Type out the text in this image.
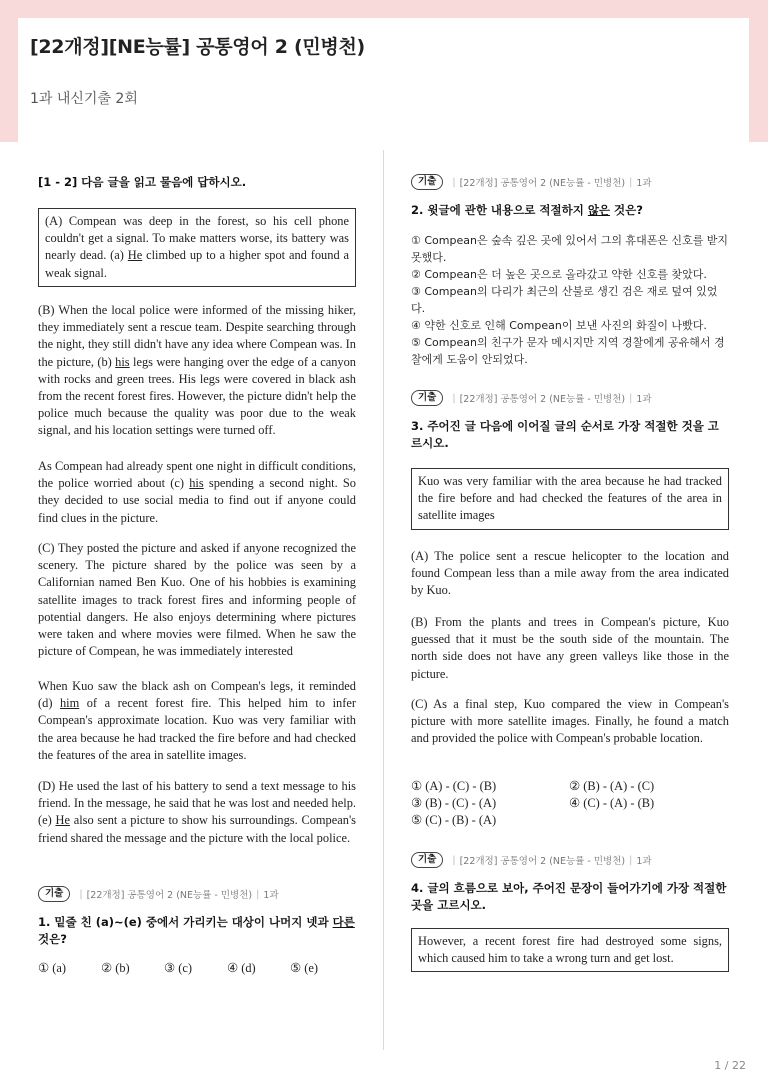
[22개정][NE능률] 공통영어 2 (민병천)
1과 내신기출 2회
[1 - 2] 다음 글을 읽고 물음에 답하시오.

(A) Compean was deep in the forest, so his cell phone couldn't get a signal. To make matters worse, its battery was nearly dead. (a) He climbed up to a higher spot and found a weak signal.

(B) When the local police were informed of the missing hiker, they immediately sent a rescue team. Despite searching through the night, they still didn't have any idea where Compean was. In the picture, (b) his legs were hanging over the edge of a canyon with rocks and green trees. His legs were covered in black ash from the recent forest fires. However, the picture didn't help the police much because the quality was poor due to the weak signal, and his location settings were turned off.

As Compean had already spent one night in difficult conditions, the police worried about (c) his spending a second night. So they decided to use social media to find out if anyone could find clues in the picture.

(C) They posted the picture and asked if anyone recognized the scenery. The picture shared by the police was seen by a Californian named Ben Kuo. One of his hobbies is examining satellite images to track forest fires and informing people of potential dangers. He also enjoys determining where pictures were taken and where movies were filmed. When he saw the picture of Compean, he was immediately interested

When Kuo saw the black ash on Compean's legs, it reminded (d) him of a recent forest fire. This helped him to infer Compean's approximate location. Kuo was very familiar with the area because he had tracked the fire before and had checked the features of the area in satellite images.

(D) He used the last of his battery to send a text message to his friend. In the message, he said that he was lost and needed help. (e) He also sent a picture to show his surroundings. Compean's friend shared the message and the picture with the local police.

기출	| [22개정] 공통영어 2 (NE능률 - 민병천) | 1과
1. 밑줄 친 (a)~(e) 중에서 가리키는 대상이 나머지 넷과 다른 것은?
① (a)	② (b)	③ (c)	④ (d)	⑤ (e)
기출	| [22개정] 공통영어 2 (NE능률 - 민병천) | 1과
2. 윗글에 관한 내용으로 적절하지 않은 것은?
① Compean은 숲속 깊은 곳에 있어서 그의 휴대폰은 신호를 받지 못했다.
② Compean은 더 높은 곳으로 올라갔고 약한 신호를 찾았다.
③ Compean의 다리가 최근의 산불로 생긴 검은 재로 덮여 있었다.
④ 약한 신호로 인해 Compean이 보낸 사진의 화질이 나빴다.
⑤ Compean의 친구가 문자 메시지만 지역 경찰에게 공유해서 경찰에게 도움이 안되었다.
기출	| [22개정] 공통영어 2 (NE능률 - 민병천) | 1과
3. 주어진 글 다음에 이어질 글의 순서로 가장 적절한 것을 고르시오.

Kuo was very familiar with the area because he had tracked the fire before and had checked the features of the area in satellite images

(A) The police sent a rescue helicopter to the location and found Compean less than a mile away from the area indicated by Kuo.

(B) From the plants and trees in Compean's picture, Kuo guessed that it must be the south side of the mountain. The north side does not have any green valleys like those in the picture.

(C) As a final step, Kuo compared the view in Compean's picture with more satellite images. Finally, he found a match and provided the police with Compean's probable location.

① (A) - (C) - (B)	② (B) - (A) - (C)
③ (B) - (C) - (A)	④ (C) - (A) - (B)
⑤ (C) - (B) - (A)
기출	| [22개정] 공통영어 2 (NE능률 - 민병천) | 1과
4. 글의 흐름으로 보아, 주어진 문장이 들어가기에 가장 적절한 곳을 고르시오.

However, a recent forest fire had destroyed some signs, which caused him to take a wrong turn and get lost.

1 / 22
